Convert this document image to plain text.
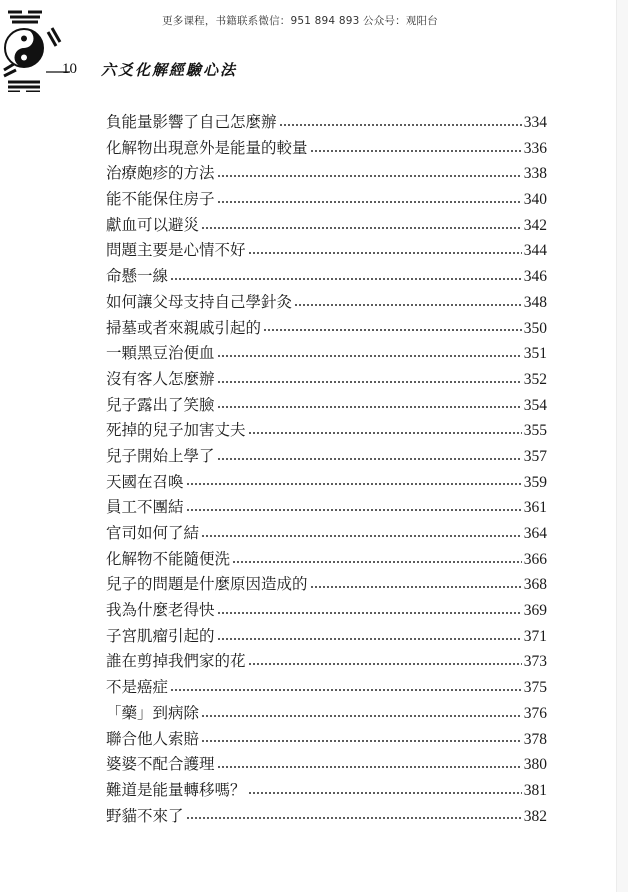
更多课程，书籍联系微信：951 894 893 公众号：观阳台
10 六爻化解經驗心法
負能量影響了自己怎麼辦	334
化解物出現意外是能量的較量	336
治療皰疹的方法	338
能不能保住房子	340
獻血可以避災	342
問題主要是心情不好	344
命懸一線	346
如何讓父母支持自己學針灸	348
掃墓或者來親戚引起的	350
一顆黑豆治便血	351
沒有客人怎麼辦	352
兒子露出了笑臉	354
死掉的兒子加害丈夫	355
兒子開始上學了	357
天國在召喚	359
員工不團結	361
官司如何了結	364
化解物不能隨便洗	366
兒子的問題是什麼原因造成的	368
我為什麼老得快	369
子宮肌瘤引起的	371
誰在剪掉我們家的花	373
不是癌症	375
「藥」到病除	376
聯合他人索賠	378
婆婆不配合護理	380
難道是能量轉移嗎？	381
野貓不來了	382
